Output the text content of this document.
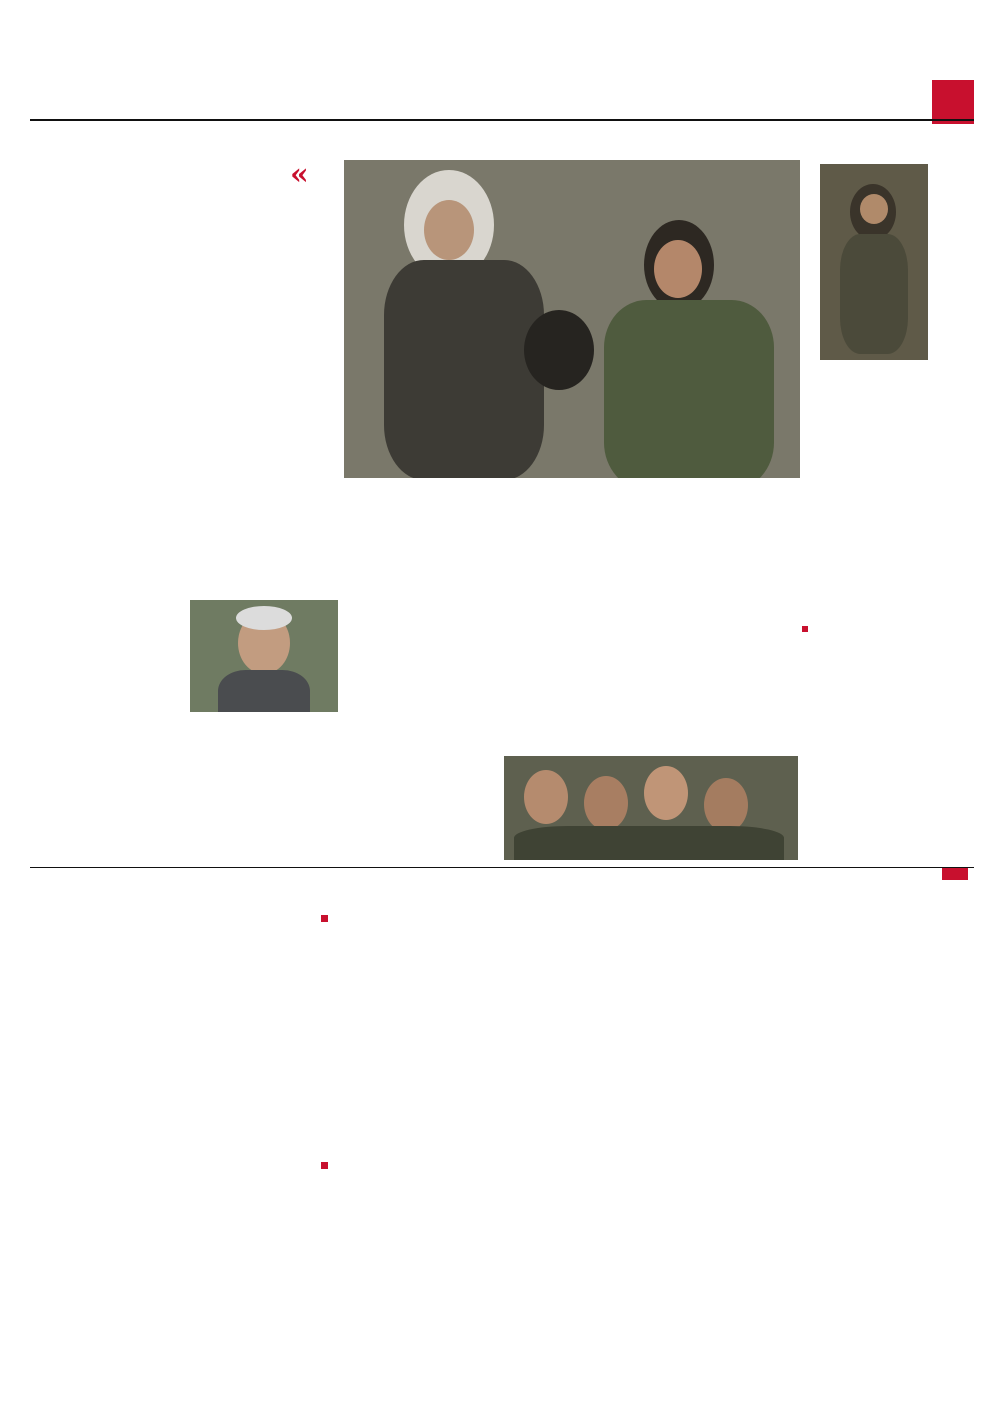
»
